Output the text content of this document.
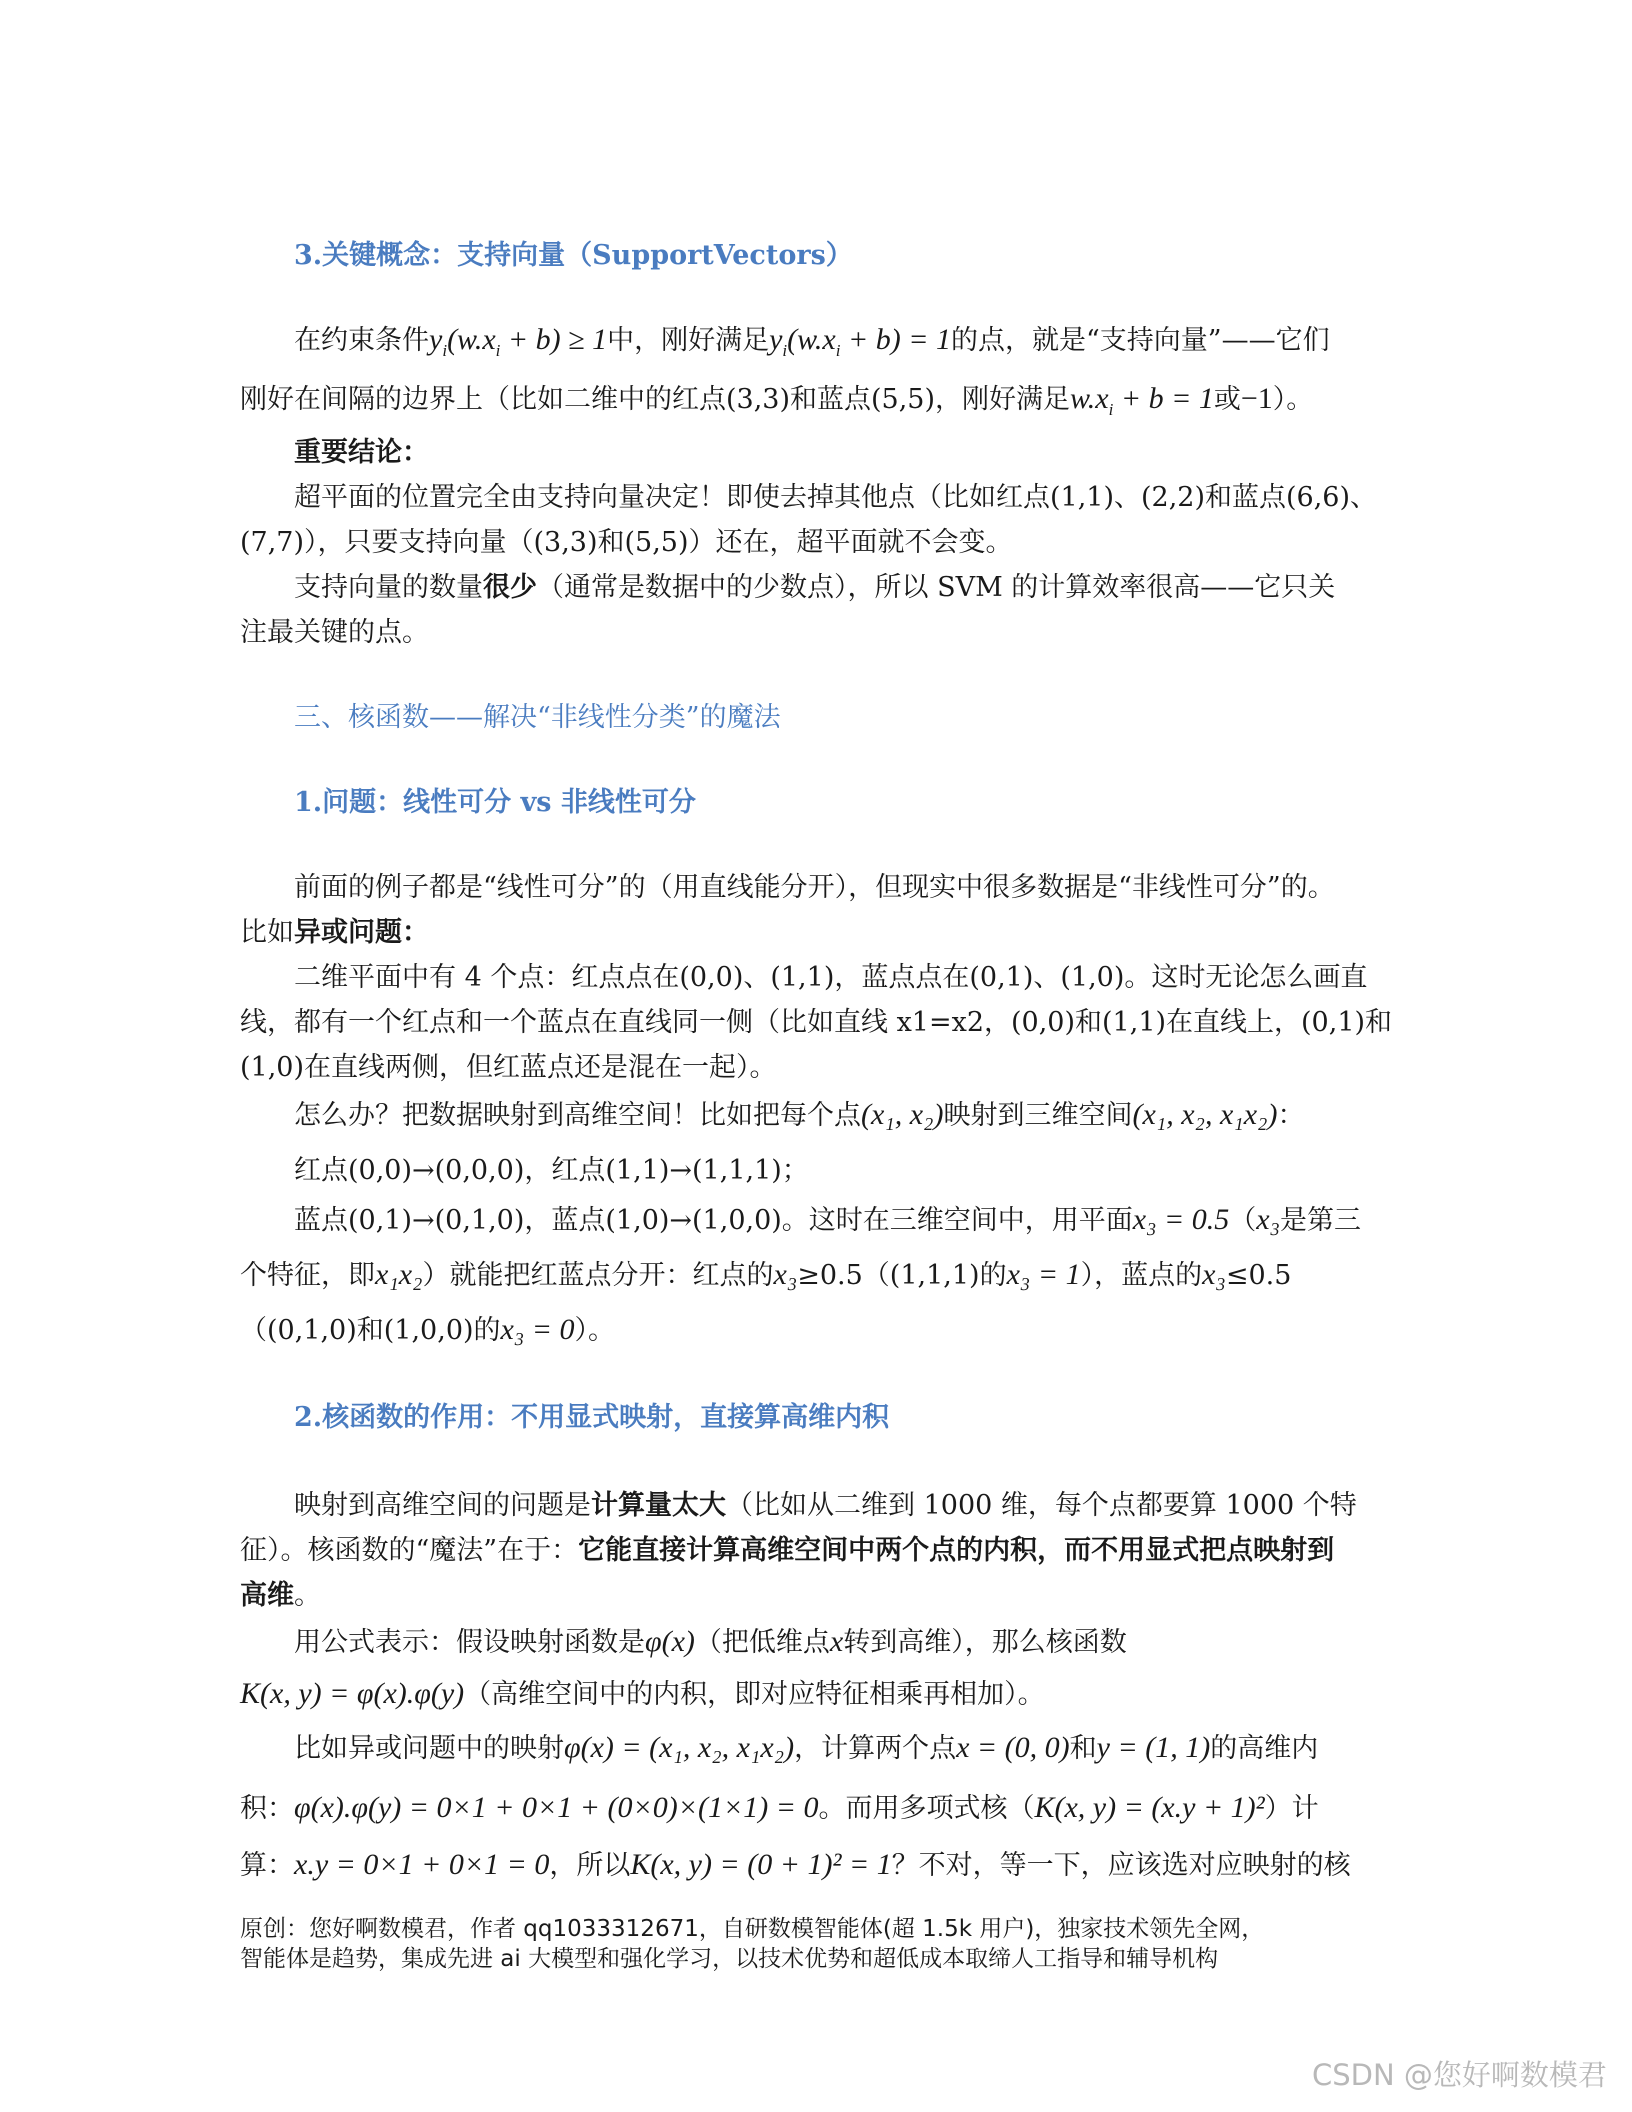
3.关键概念：支持向量（SupportVectors）
在约束条件$y_i(w.x_i + b) \ge 1$中，刚好满足$y_i(w.x_i + b) = 1$的点，就是“支持向量”——它们
刚好在间隔的边界上（比如二维中的红点(3,3)和蓝点(5,5)，刚好满足$w.x_i + b = 1$或−1）。
重要结论：
超平面的位置完全由支持向量决定！即使去掉其他点（比如红点(1,1)、(2,2)和蓝点(6,6)、
(7,7)），只要支持向量（(3,3)和(5,5)）还在，超平面就不会变。
支持向量的数量很少（通常是数据中的少数点），所以 SVM 的计算效率很高——它只关
注最关键的点。
三、核函数——解决“非线性分类”的魔法
1.问题：线性可分 vs 非线性可分
前面的例子都是“线性可分”的（用直线能分开），但现实中很多数据是“非线性可分”的。
比如异或问题：
二维平面中有 4 个点：红点点在(0,0)、(1,1)，蓝点点在(0,1)、(1,0)。这时无论怎么画直
线，都有一个红点和一个蓝点在直线同一侧（比如直线 x1=x2，(0,0)和(1,1)在直线上，(0,1)和
(1,0)在直线两侧，但红蓝点还是混在一起）。
怎么办？把数据映射到高维空间！比如把每个点(x₁, x₂)映射到三维空间(x₁, x₂, x₁x₂)：
红点(0,0)→(0,0,0)，红点(1,1)→(1,1,1)；
蓝点(0,1)→(0,1,0)，蓝点(1,0)→(1,0,0)。这时在三维空间中，用平面x₃ = 0.5（x₃是第三
个特征，即x₁x₂）就能把红蓝点分开：红点的x₃≥0.5（(1,1,1)的x₃ = 1），蓝点的x₃≤0.5
（(0,1,0)和(1,0,0)的x₃ = 0）。
2.核函数的作用：不用显式映射，直接算高维内积
映射到高维空间的问题是计算量太大（比如从二维到 1000 维，每个点都要算 1000 个特
征）。核函数的“魔法”在于：它能直接计算高维空间中两个点的内积，而不用显式把点映射到
高维。
用公式表示：假设映射函数是φ(x)（把低维点x转到高维），那么核函数
K(x, y) = φ(x).φ(y)（高维空间中的内积，即对应特征相乘再相加）。
比如异或问题中的映射φ(x) = (x₁, x₂, x₁x₂)，计算两个点x = (0, 0)和y = (1, 1)的高维内
积：φ(x).φ(y) = 0×1 + 0×1 + (0×0)×(1×1) = 0。而用多项式核（K(x, y) = (x.y + 1)²）计
算：x.y = 0×1 + 0×1 = 0，所以K(x, y) = (0 + 1)² = 1？不对，等一下，应该选对应映射的核
原创：您好啊数模君，作者 qq1033312671，自研数模智能体(超 1.5k 用户)，独家技术领先全网，
智能体是趋势，集成先进 ai 大模型和强化学习，以技术优势和超低成本取缔人工指导和辅导机构
CSDN @您好啊数模君
